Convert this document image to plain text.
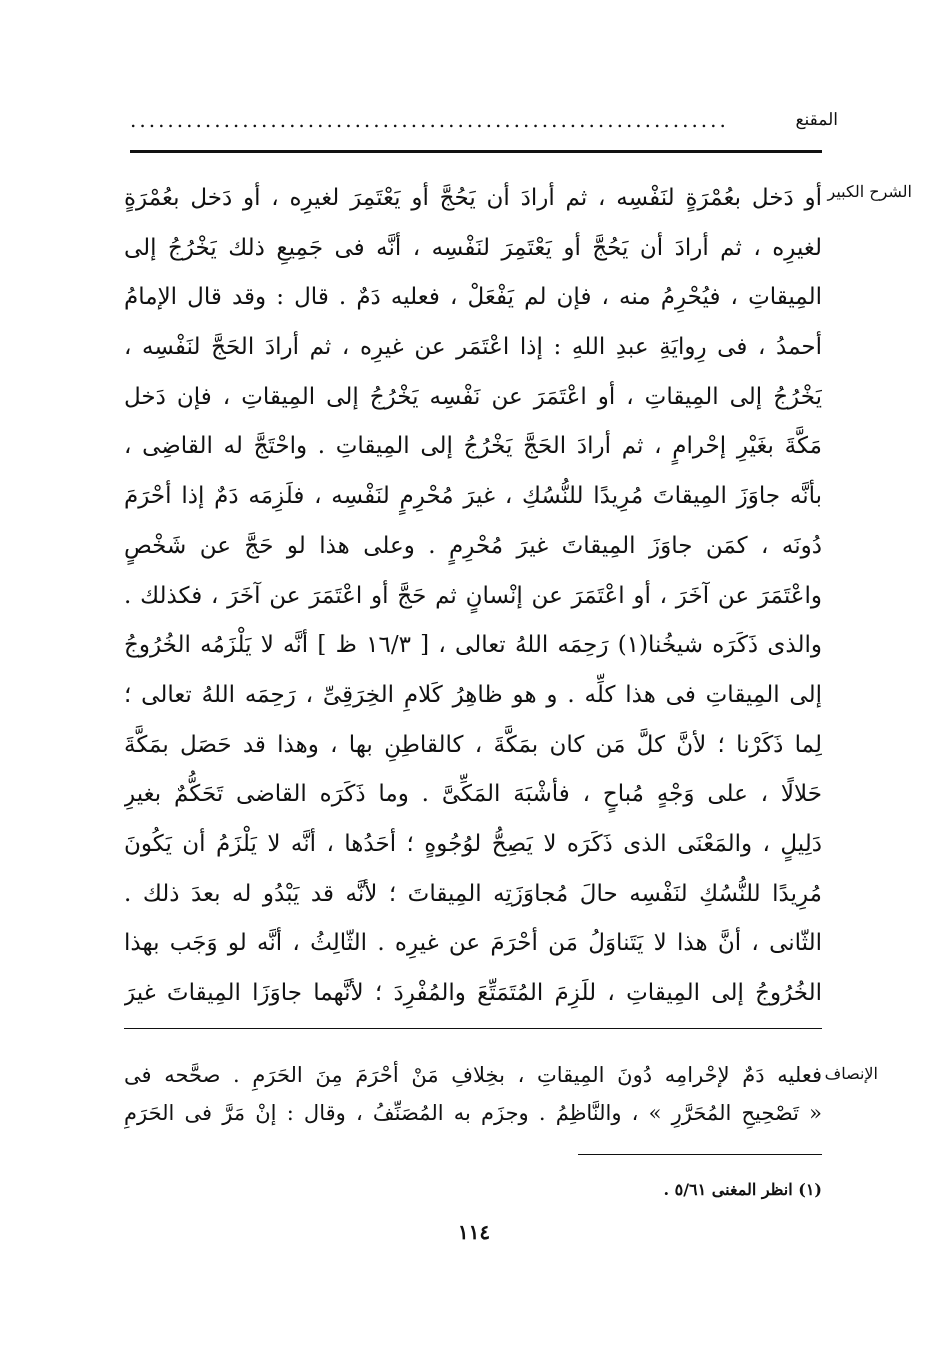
المقنع
................................................................
الشرح الكبير
أو دَخل بعُمْرَةٍ لنَفْسِه ، ثم أرادَ أن يَحُجَّ أو يَعْتَمِرَ لغيرِه ، أو دَخل بعُمْرَةٍ
لغيرِه ، ثم أرادَ أن يَحُجَّ أو يَعْتَمِرَ لنَفْسِه ، أنَّه فى جَمِيعِ ذلك يَخْرُجُ إلى
المِيقاتِ ، فيُحْرِمُ منه ، فإن لم يَفْعَلْ ، فعليه دَمٌ . قال : وقد قال الإمامُ
أحمدُ ، فى رِوايَةِ عبدِ اللهِ : إذا اعْتَمَر عن غيرِه ، ثم أرادَ الحَجَّ لنَفْسِه ،
يَخْرُجُ إلى المِيقاتِ ، أو اعْتَمَرَ عن نَفْسِه يَخْرُجُ إلى المِيقاتِ ، فإن دَخل
مَكَّةَ بغَيْرِ إحْرامٍ ، ثم أرادَ الحَجَّ يَخْرُجُ إلى المِيقاتِ . واحْتَجَّ له القاضِى ،
بأنَّه جاوَزَ المِيقاتَ مُرِيدًا للنُّسُكِ ، غيرَ مُحْرِمٍ لنَفْسِه ، فلَزِمَه دَمٌ إذا أحْرَمَ
دُونَه ، كمَن جاوَزَ المِيقاتَ غيرَ مُحْرِمٍ . وعلى هذا لو حَجَّ عن شَخْصٍ
واعْتَمَرَ عن آخَرَ ، أو اعْتَمَرَ عن إنْسانٍ ثم حَجَّ أو اعْتَمَرَ عن آخَرَ ، فكذلك .
والذى ذَكَرَه شيخُنا(١) رَحِمَه اللهُ تعالى ، [ ١٦/٣ ظ ] أنَّه لا يَلْزَمُه الخُرُوجُ
إلى المِيقاتِ فى هذا كلِّه . و هو ظاهِرُ كَلامِ الخِرَقِىِّ ، رَحِمَه اللهُ تعالى ؛
لِما ذَكَرْنا ؛ لأنَّ كلَّ مَن كان بمَكَّةَ ، كالقاطِنِ بها ، وهذا قد حَصَل بمَكَّةَ
حَلالًا ، على وَجْهٍ مُباحٍ ، فأشْبَهَ المَكِّىَّ . وما ذَكَرَه القاضى تَحَكُّمٌ بغيرِ
دَلِيلٍ ، والمَعْنَى الذى ذَكَرَه لا يَصِحُّ لوُجُوهٍ ؛ أحَدُها ، أنَّه لا يَلْزَمُ أن يَكُونَ
مُرِيدًا للنُّسُكِ لنَفْسِه حالَ مُجاوَزَتِه المِيقاتَ ؛ لأنَّه قد يَبْدُو له بعدَ ذلك .
الثّانى ، أنَّ هذا لا يَتَناوَلُ مَن أحْرَمَ عن غيرِه . الثّالِثُ ، أنَّه لو وَجَب بهذا
الخُرُوجُ إلى المِيقاتِ ، للَزِمَ المُتَمَتِّعَ والمُفْرِدَ ؛ لأنَّهما جاوَزَا المِيقاتَ غيرَ
الإنصاف
فعليه دَمٌ لإحْرامِه دُونَ المِيقاتِ ، بخِلافِ مَنْ أحْرَمَ مِنَ الحَرَمِ . صحَّحه فى
« تَصْحِيحِ المُحَرَّرِ » ، والنَّاظِمُ . وجزَم به المُصَنِّفُ ، وقال : إنْ مَرَّ فى الحَرَمِ
(١) انظر المغنى ٥/٦١ .
١١٤
